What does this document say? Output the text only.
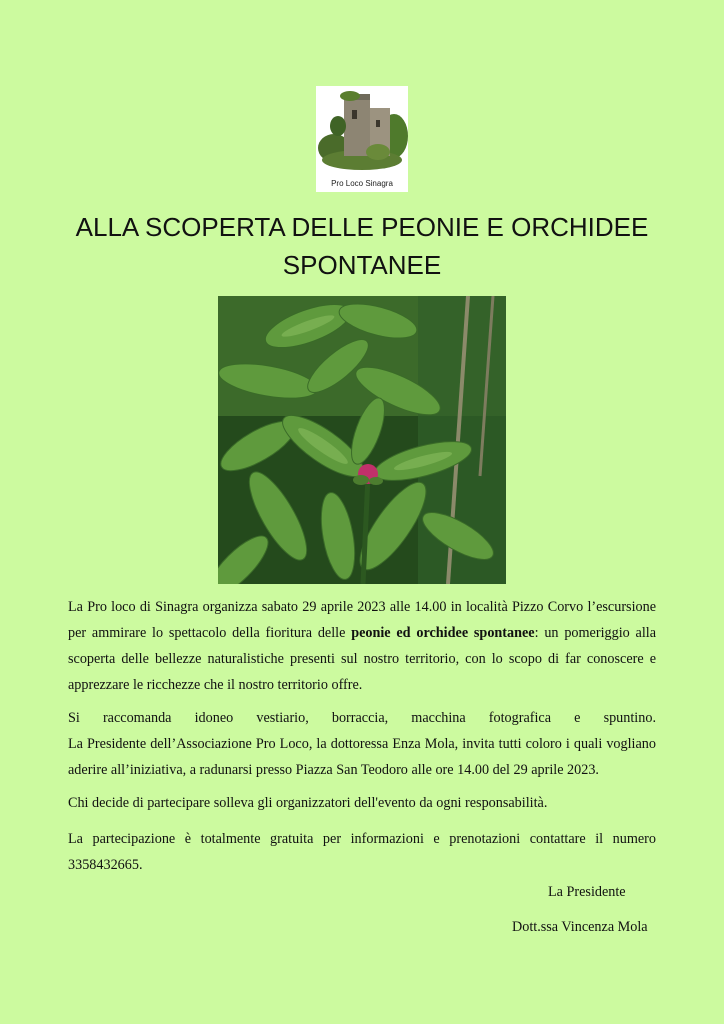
Pro Loco Sinagra
ALLA SCOPERTA DELLE PEONIE E ORCHIDEE SPONTANEE

La Pro loco di Sinagra organizza sabato 29 aprile 2023 alle 14.00 in località Pizzo Corvo l’escursione per ammirare lo spettacolo della fioritura delle peonie ed orchidee spontanee: un pomeriggio alla scoperta delle bellezze naturalistiche presenti sul nostro territorio, con lo scopo di far conoscere e apprezzare le ricchezze che il nostro territorio offre.

Si raccomanda idoneo vestiario, borraccia, macchina fotografica e spuntino.
La Presidente dell’Associazione Pro Loco, la dottoressa Enza Mola, invita tutti coloro i quali vogliano aderire all’iniziativa, a radunarsi presso Piazza San Teodoro alle ore 14.00 del 29 aprile 2023.

Chi decide di partecipare solleva gli organizzatori dell'evento da ogni responsabilità.

La partecipazione è totalmente gratuita per informazioni e prenotazioni contattare il numero 3358432665.

La Presidente
Dott.ssa Vincenza Mola
